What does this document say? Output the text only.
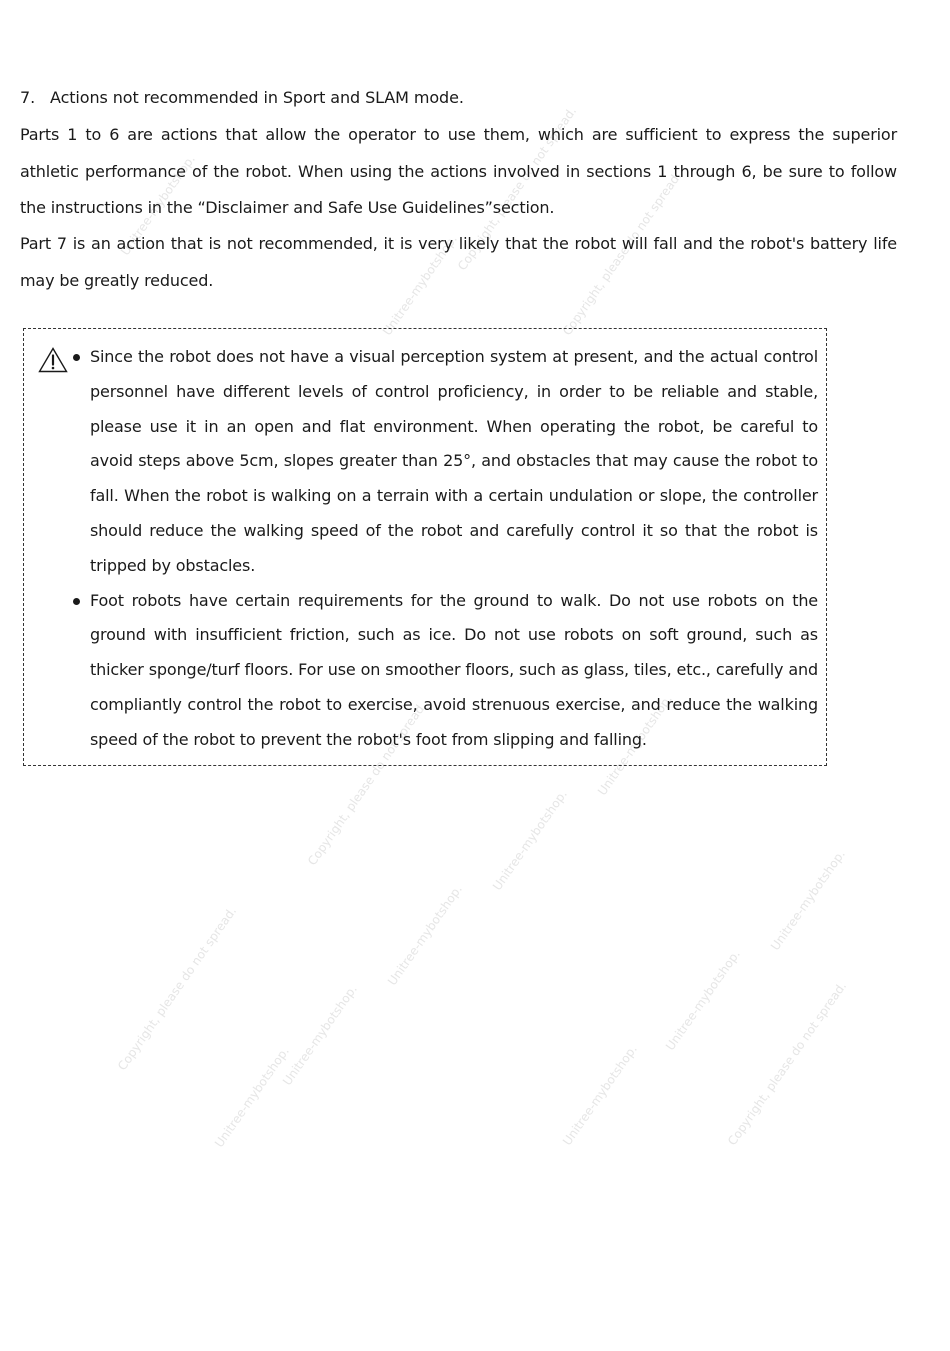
Unitree-mybotshop.
Unitree-mybotshop.
Copyright, please do not spread.
Copyright, please do not spread.
Copyright, please do not spread.	Unitree-mybotshop.
Unitree-mybotshop.
Unitree-mybotshop.
Copyright, please do not spread.	Unitree-mybotshop.
Unitree-mybotshop.
Unitree-mybotshop.
Unitree-mybotshop.
Unitree-mybotshop.
Copyright, please do not spread.
7. Actions not recommended in Sport and SLAM mode.

Parts 1 to 6 are actions that allow the operator to use them, which are sufficient to express the superior athletic performance of the robot. When using the actions involved in sections 1 through 6, be sure to follow the instructions in the “Disclaimer and Safe Use Guidelines”section.

Part 7 is an action that is not recommended, it is very likely that the robot will fall and the robot's battery life may be greatly reduced.

Since the robot does not have a visual perception system at present, and the actual control personnel have different levels of control proficiency, in order to be reliable and stable, please use it in an open and flat environment. When operating the robot, be careful to avoid steps above 5cm, slopes greater than 25°, and obstacles that may cause the robot to fall. When the robot is walking on a terrain with a certain undulation or slope, the controller should reduce the walking speed of the robot and carefully control it so that the robot is tripped by obstacles.
Foot robots have certain requirements for the ground to walk. Do not use robots on the ground with insufficient friction, such as ice. Do not use robots on soft ground, such as thicker sponge/turf floors. For use on smoother floors, such as glass, tiles, etc., carefully and compliantly control the robot to exercise, avoid strenuous exercise, and reduce the walking speed of the robot to prevent the robot's foot from slipping and falling.
